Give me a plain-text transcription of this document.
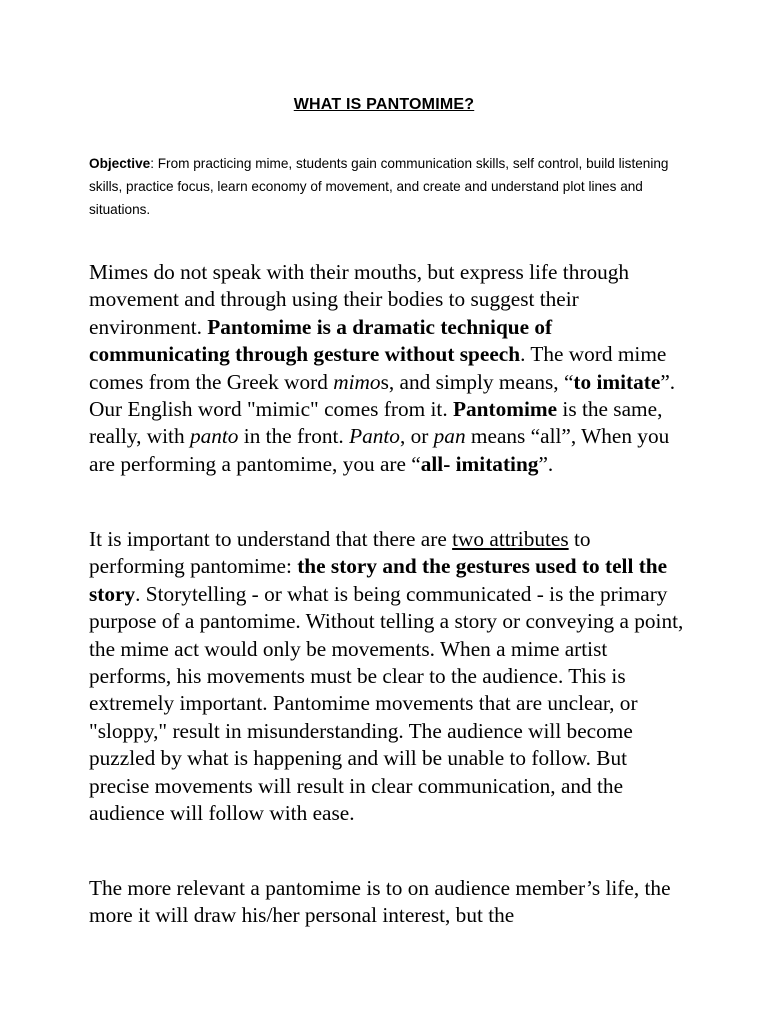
WHAT IS PANTOMIME?
Objective: From practicing mime, students gain communication skills, self control, build listening skills, practice focus, learn economy of movement, and create and understand plot lines and situations.

Mimes do not speak with their mouths, but express life through movement and through using their bodies to suggest their environment. Pantomime is a dramatic technique of communicating through gesture without speech. The word mime comes from the Greek word mimos, and simply means, “to imitate”. Our English word "mimic" comes from it. Pantomime is the same, really, with panto in the front. Panto, or pan means “all”, When you are performing a pantomime, you are “all- imitating”.

It is important to understand that there are two attributes to performing pantomime: the story and the gestures used to tell the story. Storytelling - or what is being communicated - is the primary purpose of a pantomime. Without telling a story or conveying a point, the mime act would only be movements. When a mime artist performs, his movements must be clear to the audience. This is extremely important. Pantomime movements that are unclear, or "sloppy," result in misunderstanding. The audience will become puzzled by what is happening and will be unable to follow. But precise movements will result in clear communication, and the audience will follow with ease.

The more relevant a pantomime is to on audience member’s life, the more it will draw his/her personal interest, but the
